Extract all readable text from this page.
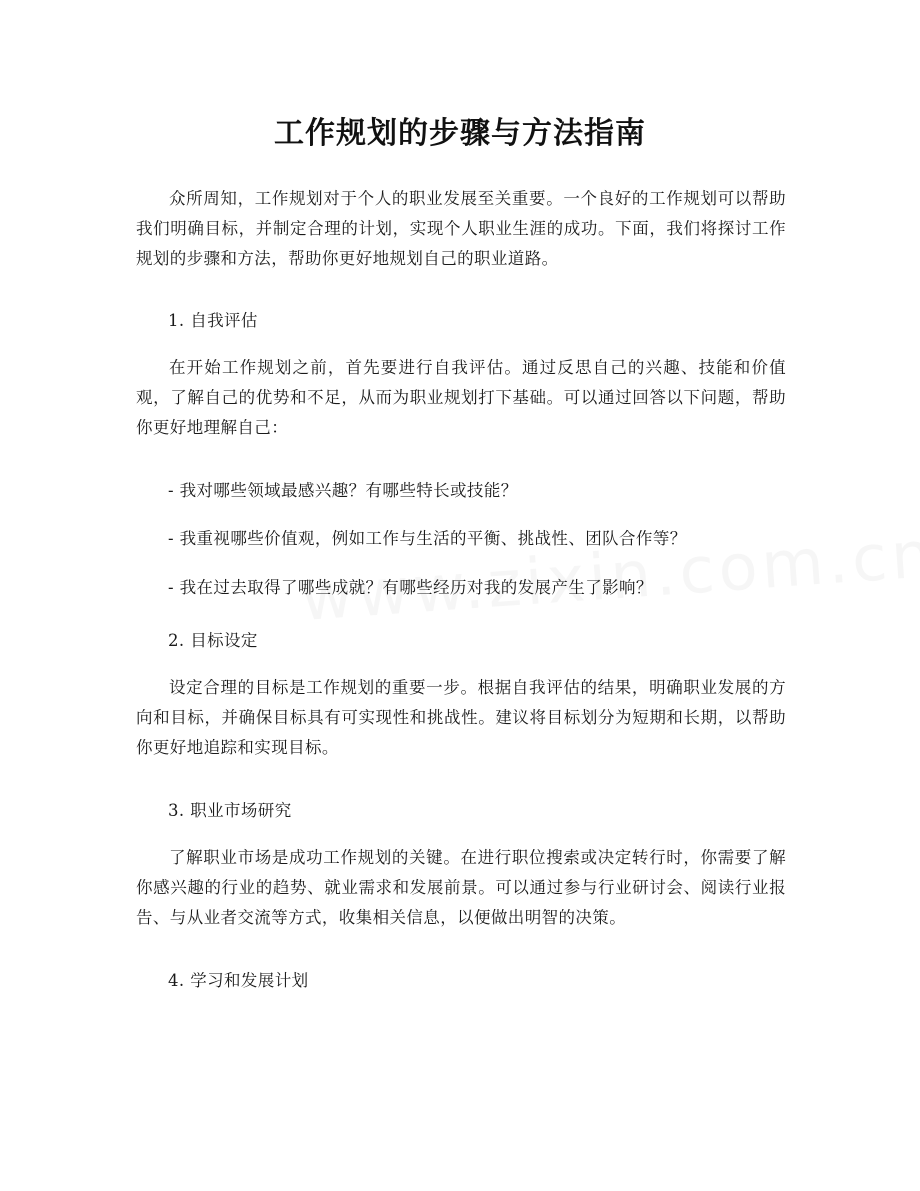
工作规划的步骤与方法指南

众所周知，工作规划对于个人的职业发展至关重要。一个良好的工作规划可以帮助我们明确目标，并制定合理的计划，实现个人职业生涯的成功。下面，我们将探讨工作规划的步骤和方法，帮助你更好地规划自己的职业道路。

1. 自我评估

在开始工作规划之前，首先要进行自我评估。通过反思自己的兴趣、技能和价值观，了解自己的优势和不足，从而为职业规划打下基础。可以通过回答以下问题，帮助你更好地理解自己：

- 我对哪些领域最感兴趣？有哪些特长或技能？
- 我重视哪些价值观，例如工作与生活的平衡、挑战性、团队合作等？
- 我在过去取得了哪些成就？有哪些经历对我的发展产生了影响？
2. 目标设定

设定合理的目标是工作规划的重要一步。根据自我评估的结果，明确职业发展的方向和目标，并确保目标具有可实现性和挑战性。建议将目标划分为短期和长期，以帮助你更好地追踪和实现目标。

3. 职业市场研究

了解职业市场是成功工作规划的关键。在进行职位搜索或决定转行时，你需要了解你感兴趣的行业的趋势、就业需求和发展前景。可以通过参与行业研讨会、阅读行业报告、与从业者交流等方式，收集相关信息，以便做出明智的决策。

4. 学习和发展计划
